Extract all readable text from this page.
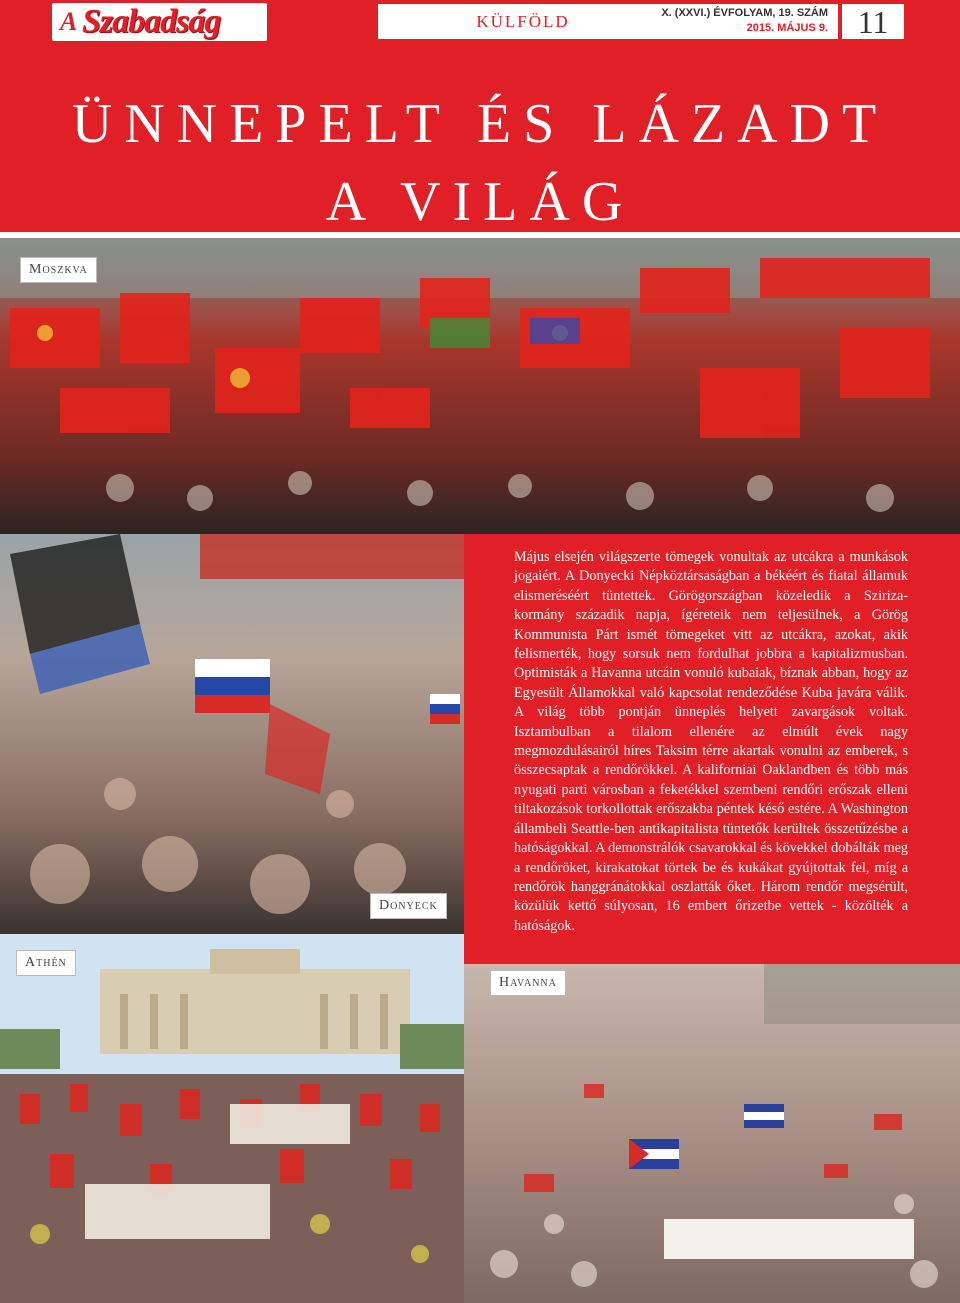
A Szabadság	KÜLFÖLD	X. (XXVI.) ÉVFOLYAM, 19. SZÁM
2015. MÁJUS 9. 11
ÜNNEPELT ÉS LÁZADT
A VILÁG
Moszkva
Donyeck

Május elsején világszerte tömegek vonultak az utcákra a munkások jogaiért. A Donyecki Népköztársaságban a békéért és fiatal államuk elismeréséért tüntettek. Görögországban közeledik a Sziriza-kormány századik napja, ígéreteik nem teljesülnek, a Görög Kommunista Párt ismét tömegeket vitt az utcákra, azokat, akik felismerték, hogy sorsuk nem fordulhat jobbra a kapitalizmusban. Optimisták a Havanna utcáin vonuló kubaiak, bíznak abban, hogy az Egyesült Államokkal való kapcsolat rendeződése Kuba javára válik. A világ több pontján ünneplés helyett zavargások voltak. Isztambulban a tilalom ellenére az elmúlt évek nagy megmozdulásairól híres Taksim térre akartak vonulni az emberek, s összecsaptak a rendőrökkel. A kaliforniai Oaklandben és több más nyugati parti városban a feketékkel szembeni rendőri erőszak elleni tiltakozások torkollottak erőszakba péntek késő estére. A Washington állambeli Seattle-ben antikapitalista tüntetők kerültek összetűzésbe a hatóságokkal. A demonstrálók csavarokkal és kövekkel dobálták meg a rendőröket, kirakatokat törtek be és kukákat gyújtottak fel, míg a rendőrök hanggránátokkal oszlatták őket. Három rendőr megsérült, közülük kettő súlyosan, 16 embert őrizetbe vettek - közölték a hatóságok.

Athén
Havanna
